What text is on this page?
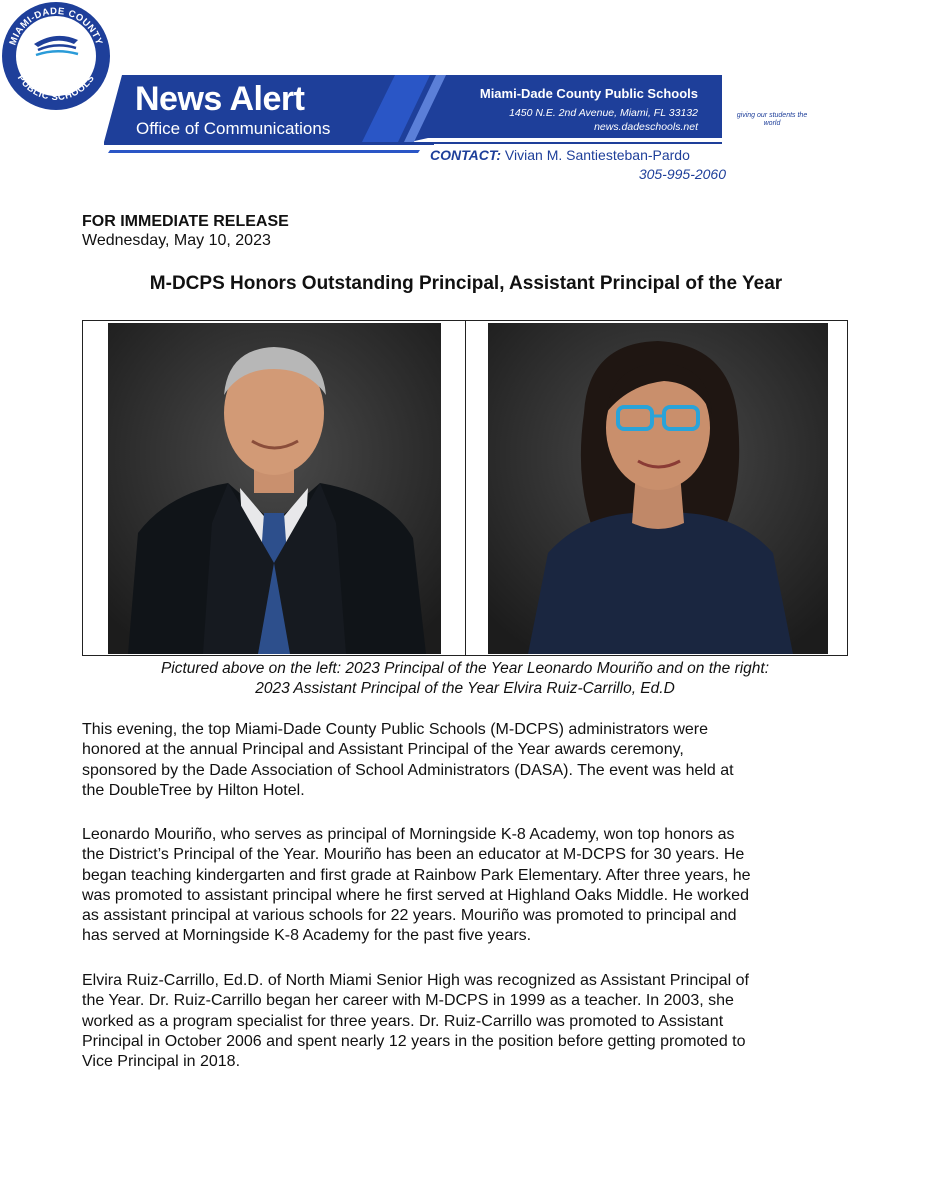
News Alert
Office of Communications
Miami-Dade County Public Schools
1450 N.E. 2nd Avenue, Miami, FL 33132
news.dadeschools.net
MIAMI-DADE COUNTY
PUBLIC SCHOOLS
giving our students the world
CONTACT: Vivian M. Santiesteban-Pardo
305-995-2060
FOR IMMEDIATE RELEASE
Wednesday, May 10, 2023
M-DCPS Honors Outstanding Principal, Assistant Principal of the Year
Pictured above on the left: 2023 Principal of the Year Leonardo Mouriño and on the right:
2023 Assistant Principal of the Year Elvira Ruiz-Carrillo, Ed.D
This evening, the top Miami-Dade County Public Schools (M-DCPS) administrators were
honored at the annual Principal and Assistant Principal of the Year awards ceremony,
sponsored by the Dade Association of School Administrators (DASA). The event was held at
the DoubleTree by Hilton Hotel.
Leonardo Mouriño, who serves as principal of Morningside K-8 Academy, won top honors as
the District’s Principal of the Year. Mouriño has been an educator at M-DCPS for 30 years. He
began teaching kindergarten and first grade at Rainbow Park Elementary. After three years, he
was promoted to assistant principal where he first served at Highland Oaks Middle. He worked
as assistant principal at various schools for 22 years. Mouriño was promoted to principal and
has served at Morningside K-8 Academy for the past five years.
Elvira Ruiz-Carrillo, Ed.D. of North Miami Senior High was recognized as Assistant Principal of
the Year. Dr. Ruiz-Carrillo began her career with M-DCPS in 1999 as a teacher. In 2003, she
worked as a program specialist for three years. Dr. Ruiz-Carrillo was promoted to Assistant
Principal in October 2006 and spent nearly 12 years in the position before getting promoted to
Vice Principal in 2018.
